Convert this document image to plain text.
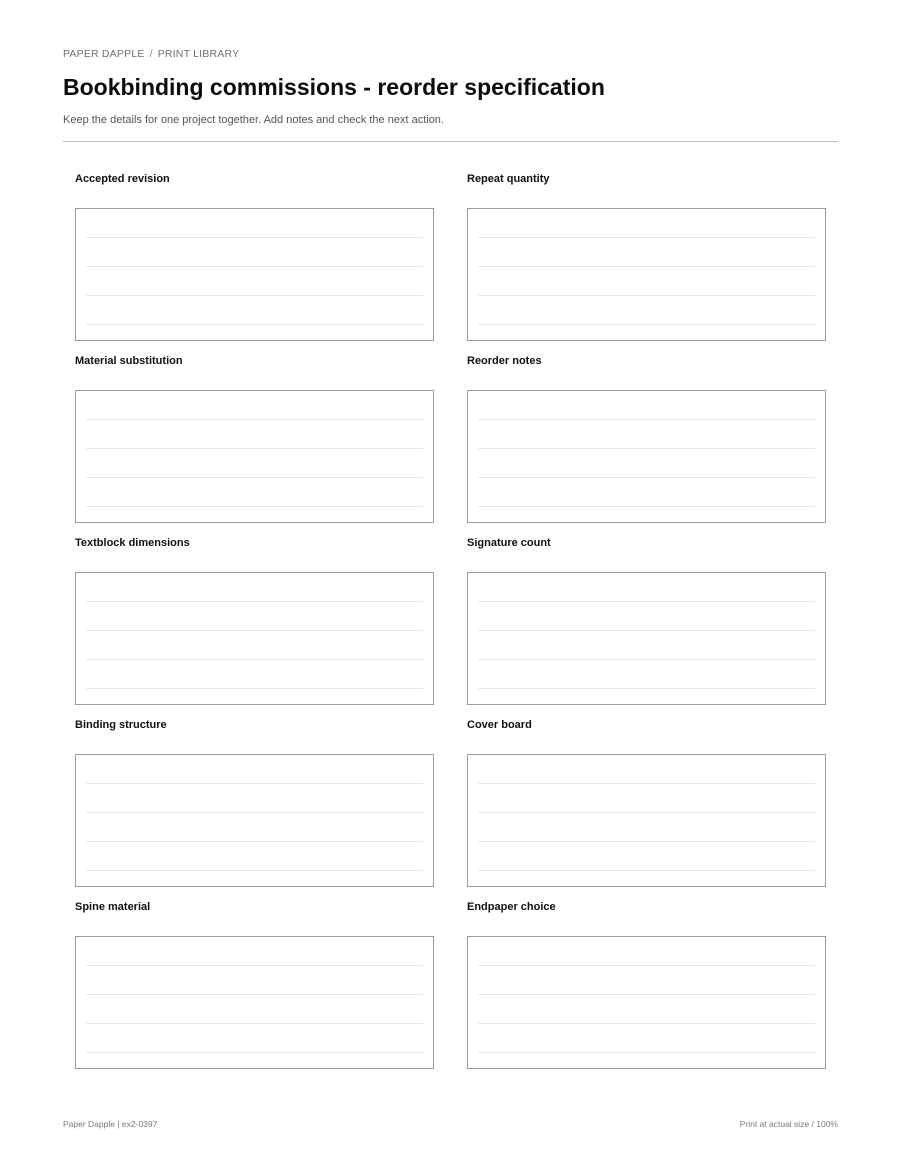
PAPER DAPPLE / PRINT LIBRARY
Bookbinding commissions - reorder specification
Keep the details for one project together. Add notes and check the next action.
Accepted revision	Repeat quantity
Material substitution	Reorder notes
Textblock dimensions	Signature count
Binding structure	Cover board
Spine material	Endpaper choice
Paper Dapple | ex2-0397	Print at actual size / 100%
